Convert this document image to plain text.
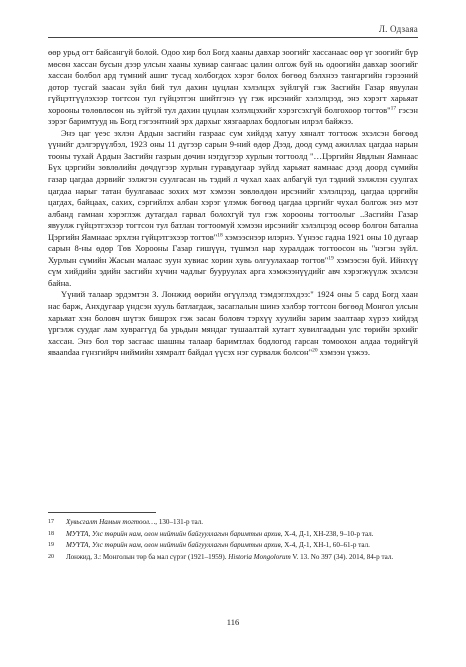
Л. Одзаяа

өөр урьд огт байсангүй болой. Одоо хир бол Богд хааны давхар зоогийг хассанаас өөр үг зоогийг бүр мөсөн хассан бусын дээр улсын хааны хувиар сангаас цалин олгож буй нь одоогийн давхар зоогийг хассан болбол ард түмний ашиг тусад холбогдох хэрэг болох бөгөөд бэлхнээ тангаргийн гэрээний дотор тусгай заасан зүйл бий тул дахин цуцлан хэлэлцэх зүйлгүй гэж Засгийн Газар явуулан гүйцэтгүүлэхээр тогтсон тул гүйцэтгэн шийтгэнэ үү гэж ирсэнийг хэлэлцээд, энэ хэрэгт харьяат хорооны төлөвлөсөн нь зүйтэй тул дахин цуцлан хэлэлцэхийг хэрэгсэхгүй болгохоор тогтов"$^{17}$ гэсэн зэрэг баримтууд нь Богд гэгээнтний эрх дархыг хязгаарлах бодлогын илрэл байжээ.

Энэ цаг үеэс эхлэн Ардын засгийн газраас сум хийдэд хатуу хяналт тогтоож эхэлсэн бөгөөд үүнийг дэлгэрүүлбэл, 1923 оны 11 дүгээр сарын 9-ний өдөр Дээд, доод сумд ажиллах цагдаа нарын тооны тухай Ардын Засгийн газрын дөчин нэгдүгээр хурлын тогтоолд "…Цэргийн Явдлын Яамнаас Бүх цэргийн зөвлөлийн дөчдүгээр хурлын гуравдугаар зүйлд харьяат яамнаас дээд доорд сүмийн газар цагдаа дэрвийг зэлжгэн суулгасан нь тэдий л чухал хаах албагүй тул тэдний зэлжлэн суулгах цагдаа нарыг татан буулгавааc зохих мэт хэмээн зөвлөлдөн ирсэнийг хэлэлцээд, цагдаа цэргийн цагдах, байцаах, сахих, сэргийлэх албан хэрэг үлэмж бөгөөд цагдаа цэргийг чухал болгож энэ мэт албанд гамнан хэрэглэж дутагдал гарвал болохгүй тул гэж хорооны тогтоолыг ..Засгийн Газар явуулж гүйцэтгэхээр тогтсон тул батлан тогтоомуй хэмээн ирсэнийг хэлэлцээд өсөөр болгон батална Цэргийн Яамнаас эрхлэн гүйцэтгэхээр тогтов"$^{18}$ хэмээснээр илэрнэ. Үүнээс гадна 1921 оны 10 дугаар сарын 8-ны өдөр Төв Хорооны Газар гишүүн, түшмэл нар хуралдаж тогтоосон нь "нэгэн зүйл. Хурлын сүмийн Жасын малаас зуун хувиас хорин хувь олгуулахаар тогтов"$^{19}$ хэмээсэн буй. Ийнхүү сүм хийдийн эдийн засгийн хүчин чадлыг бууруулах арга хэмжээнүүдийг авч хэрэгжүүлж эхэлсэн байна.

Үүний талаар эрдэмтэн З. Лонжид өөрийн өгүүлэлд тэмдэглэхдээ:" 1924 оны 5 сард Богд хаан нас барж, Анхдугаар үндсэн хууль батлагдаж, засаглалын шинэ хэлбэр тогтсон бөгөөд Монгол улсын харьяат хэн боловч шүтэх бишрэх гэж засан боловч тэрхүү хуулийн зарим заалтаар хүрээ хийдэд үргэлж суудаг лам хувраггүд ба урьдын мяндаг тушаалтай хутагт хувилгаадын улс төрийн эрхийг хассан. Энэ бол төр засгаас шашны талаар баримтлах бодлогод гарсан томоохон алдаа төдийгүй явааndaа гүнзгийрч ниймийн хямралт байдал үүсэх нэг сурвалж болсон"$^{20}$ хэмээн үзжээ.

17	Хувьсгалт Намын тогтоол…, 130–131-р тал.
18	МУҮТА, Улс төрийн нам, олон нийтийн байгууллагын баримтын архив, Х-4, Д-1, ХН-238, 9–10-р тал.
19	МУҮТА, Улс төрийн нам, олон нийтийн байгууллагын баримтын архив, Х-4, Д-1, ХН-1, 60–61-р тал.
20	Лонжид, З.: Монголын төр ба мал сүрэг (1921–1959). Historia Mongolorum V. 13. No 397 (34). 2014, 84-р тал.
116
